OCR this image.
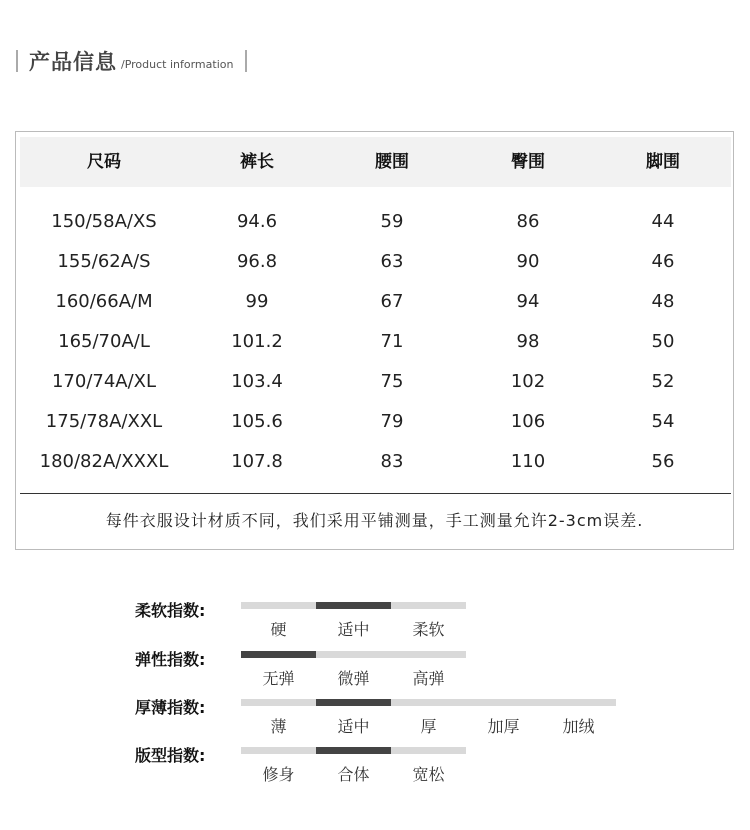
产品信息 /Product information
尺码	裤长	腰围	臀围	脚围
150/58A/XS	94.6	59	86	44
155/62A/S	96.8	63	90	46
160/66A/M	99	67	94	48
165/70A/L	101.2	71	98	50
170/74A/XL	103.4	75	102	52
175/78A/XXL	105.6	79	106	54
180/82A/XXXL	107.8	83	110	56
每件衣服设计材质不同，我们采用平铺测量，手工测量允许2-3cm误差.
柔软指数:
硬	适中	柔软
弹性指数:
无弹	微弹	高弹
厚薄指数:
薄	适中	厚	加厚	加绒
版型指数:
修身	合体	宽松
